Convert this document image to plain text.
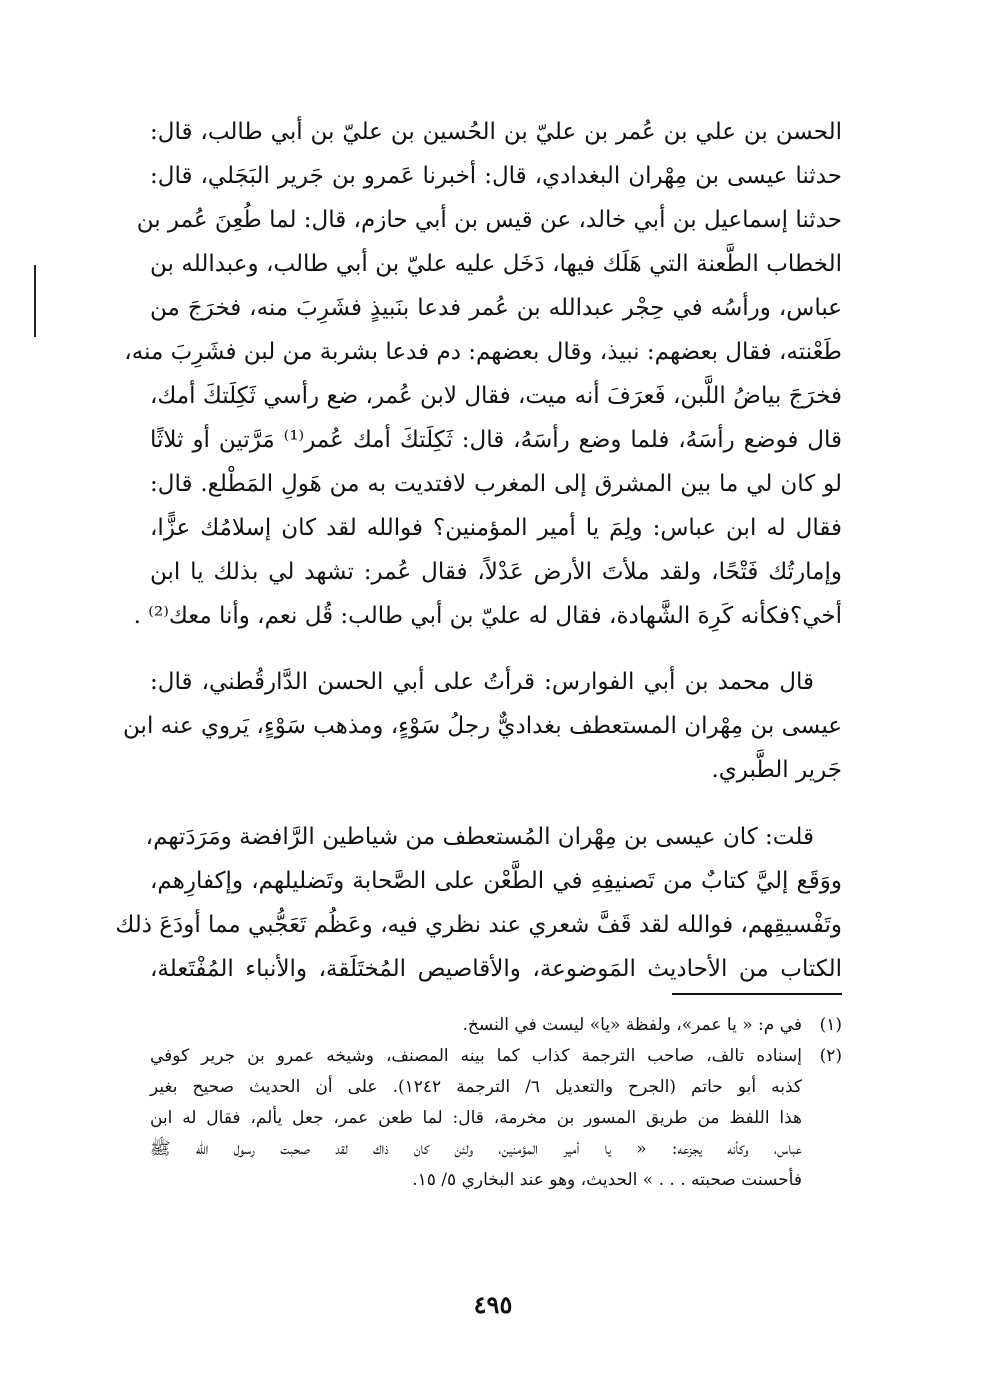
الحسن بن علي بن عُمر بن عليّ بن الحُسين بن عليّ بن أبي طالب، قال:
حدثنا عيسى بن مِهْران البغدادي، قال: أخبرنا عَمرو بن جَرير البَجَلي، قال:
حدثنا إسماعيل بن أبي خالد، عن قيس بن أبي حازم، قال: لما طُعِنَ عُمر بن
الخطاب الطَّعنة التي هَلَك فيها، دَخَل عليه عليّ بن أبي طالب، وعبدالله بن
عباس، ورأسُه في حِجْر عبدالله بن عُمر فدعا بنَبيذٍ فشَرِبَ منه، فخرَجَ من
طَعْنته، فقال بعضهم: نبيذ، وقال بعضهم: دم فدعا بشربة من لبن فشَرِبَ منه،
فخرَجَ بياضُ اللَّبن، فَعرَفَ أنه ميت، فقال لابن عُمر، ضع رأسي ثَكِلَتكَ أمك،
قال فوضع رأسَهُ، فلما وضع رأسَهُ، قال: ثَكِلَتكَ أمك عُمر⁽¹⁾ مَرَّتين أو ثلاثًا
لو كان لي ما بين المشرق إلى المغرب لافتديت به من هَولِ المَطْلع. قال:
فقال له ابن عباس: ولِمَ يا أمير المؤمنين؟ فوالله لقد كان إسلامُك عزًّا،
وإمارتُك فَتْحًا، ولقد ملأتَ الأرض عَدْلاً، فقال عُمر: تشهد لي بذلك يا ابن
أخي؟فكأنه كَرِهَ الشَّهادة، فقال له عليّ بن أبي طالب: قُل نعم، وأنا معك⁽²⁾ .
قال محمد بن أبي الفوارس: قرأتُ على أبي الحسن الدَّارقُطني، قال:
عيسى بن مِهْران المستعطف بغداديٌّ رجلُ سَوْءٍ، ومذهب سَوْءٍ، يَروي عنه ابن
جَرير الطَّبري.
قلت: كان عيسى بن مِهْران المُستعطف من شياطين الرَّافضة ومَرَدَتهم،
ووَقَع إليَّ كتابٌ من تَصنيفِهِ في الطَّعْن على الصَّحابة وتَضليلهم، وإكفارِهم،
وتَفْسيقِهم، فوالله لقد قَفَّ شعري عند نظري فيه، وعَظُم تَعَجُّبي مما أودَعَ ذلك
الكتاب من الأحاديث المَوضوعة، والأقاصيص المُختَلَقة، والأنباء المُفْتَعلة،
(١)
في م: « يا عمر»، ولفظة «يا» ليست في النسخ.
(٢)
إسناده تالف، صاحب الترجمة كذاب كما بينه المصنف، وشيخه عمرو بن جرير كوفي
كذبه أبو حاتم (الجرح والتعديل ٦/ الترجمة ١٢٤٢). على أن الحديث صحيح بغير
هذا اللفظ من طريق المسور بن مخرمة، قال: لما طعن عمر، جعل يألم، فقال له ابن
عباس، وكأنه يجزعه: « يا أمير المؤمنين، ولئن كان ذاك لقد صحبت رسول الله ﷺ
فأحسنت صحبته . . . » الحديث، وهو عند البخاري ٥/ ١٥.
٤٩٥
